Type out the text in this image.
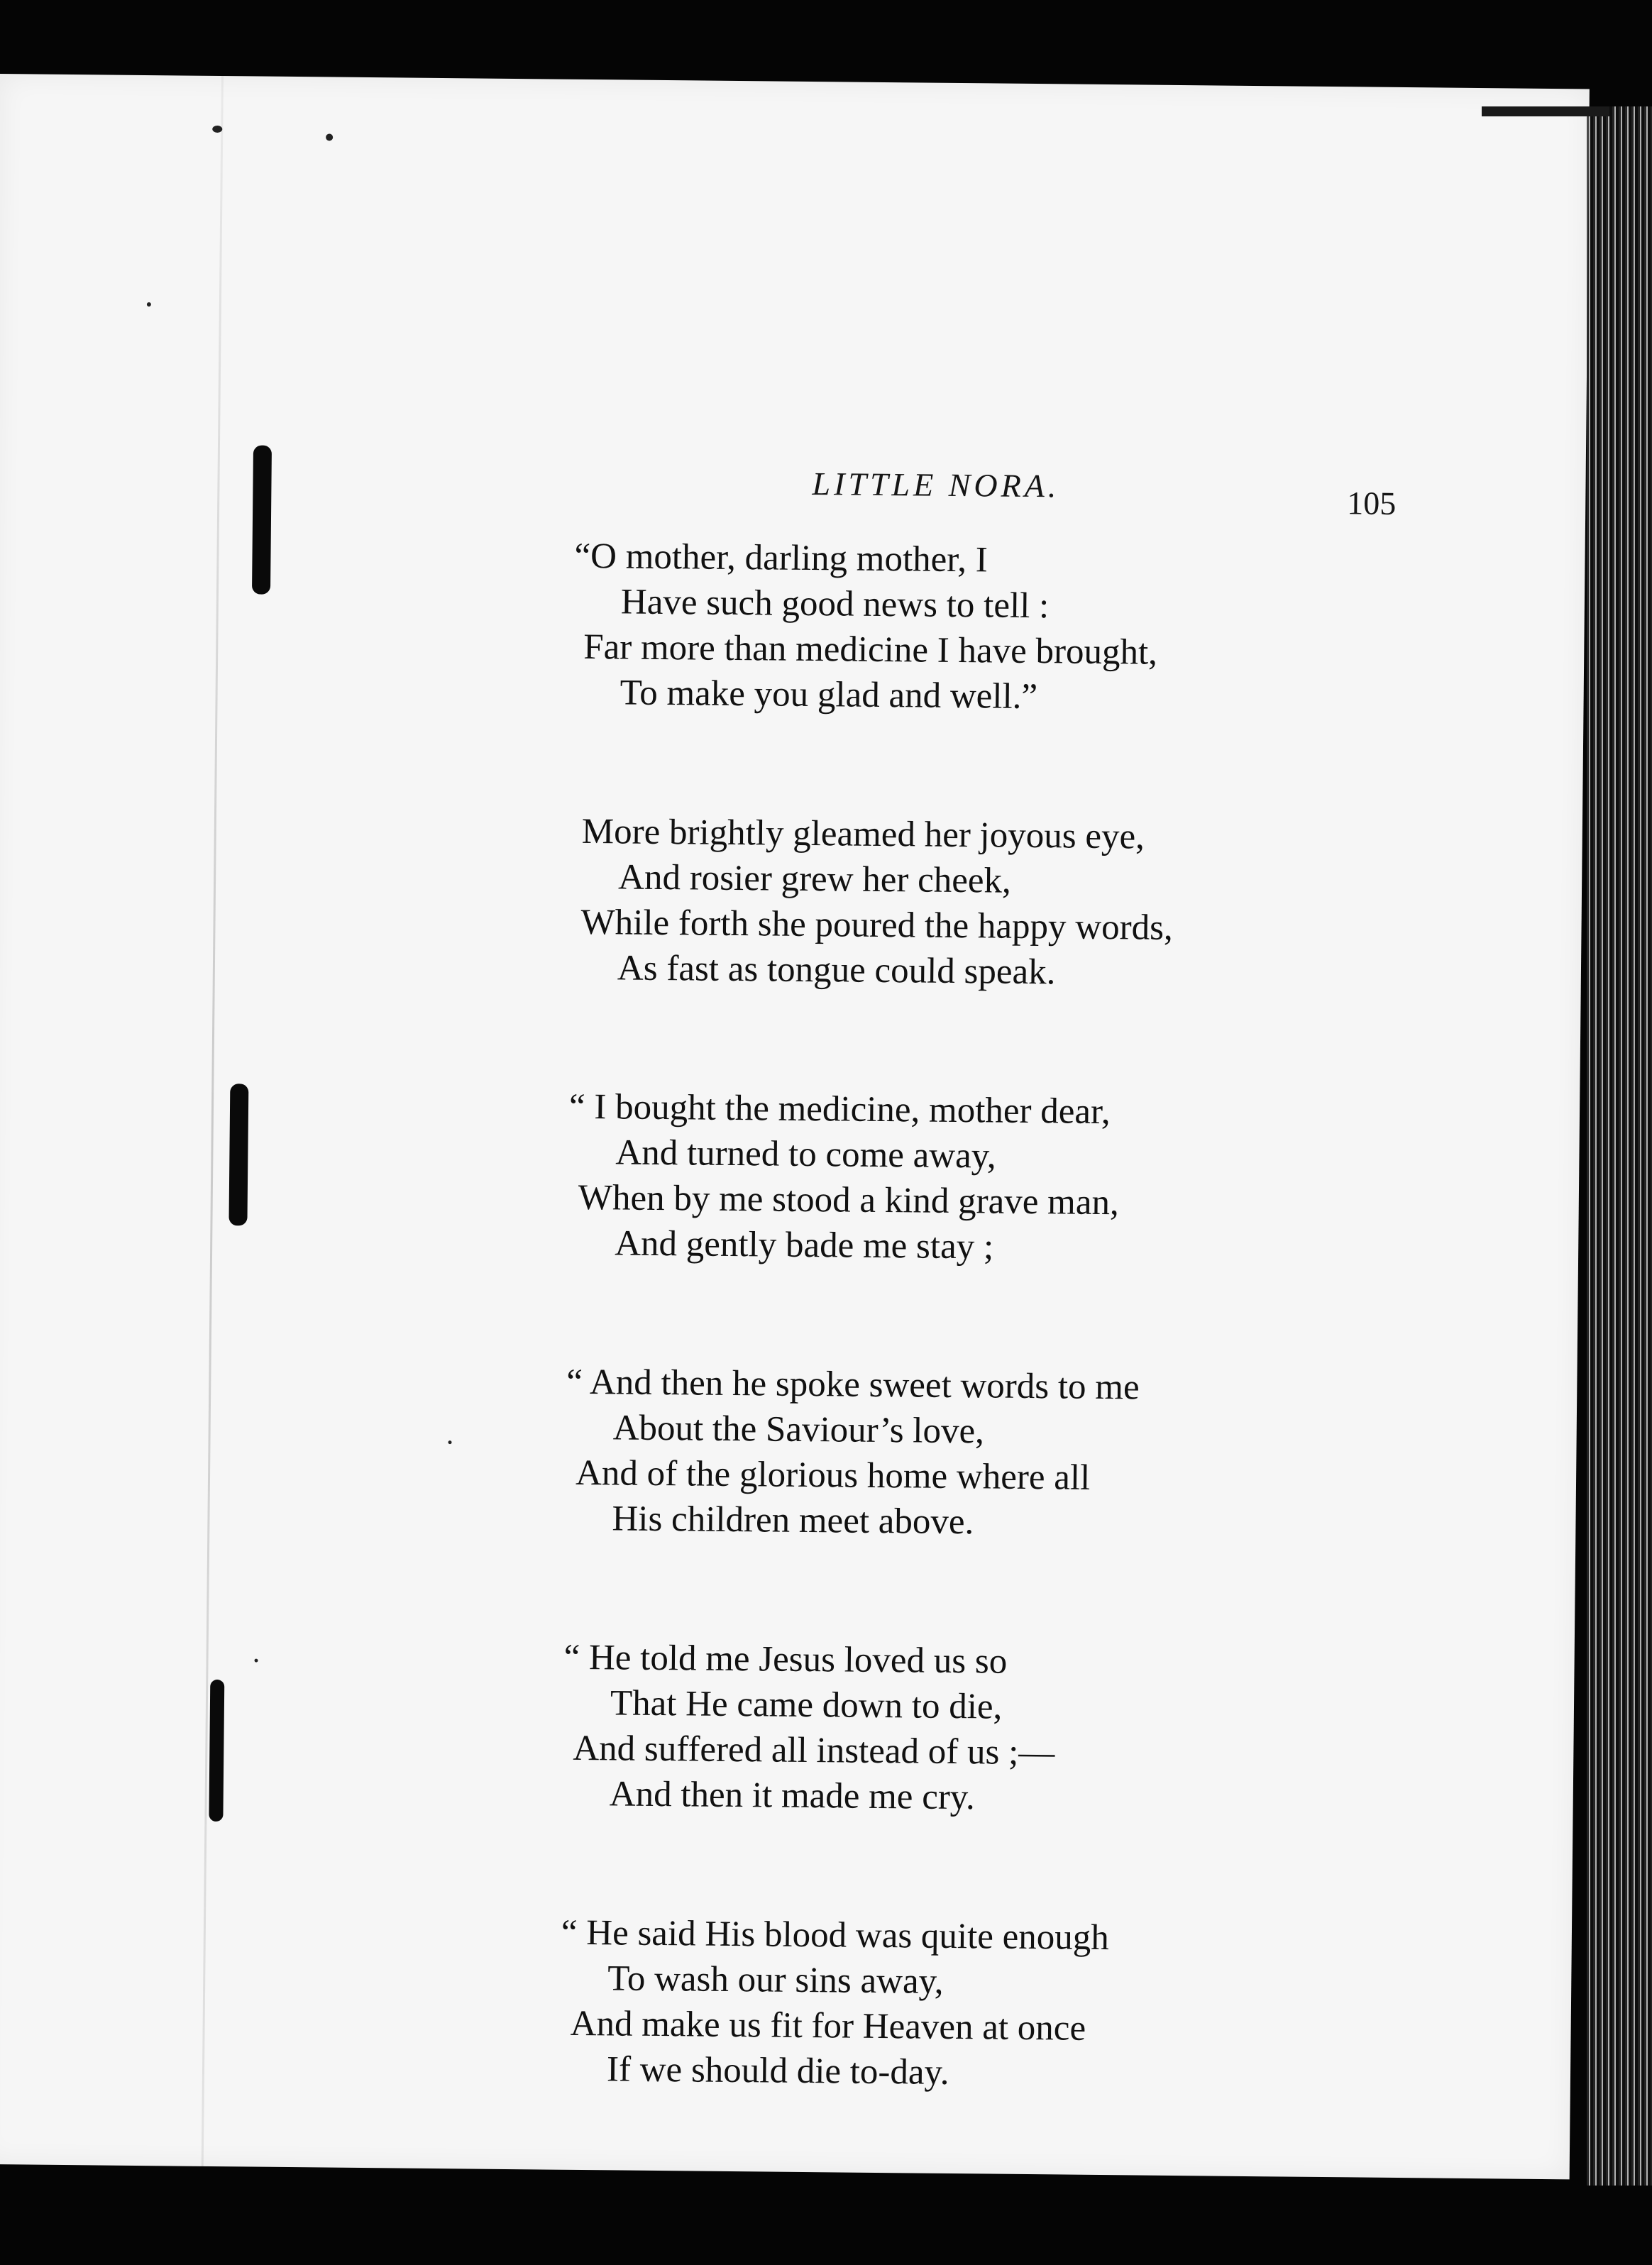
LITTLE NORA.	105
“O mother, darling mother, I
Have such good news to tell :
Far more than medicine I have brought,
To make you glad and well.”
More brightly gleamed her joyous eye,
And rosier grew her cheek,
While forth she poured the happy words,
As fast as tongue could speak.
“ I bought the medicine, mother dear,
And turned to come away,
When by me stood a kind grave man,
And gently bade me stay ;
“ And then he spoke sweet words to me
About the Saviour’s love,
And of the glorious home where all
His children meet above.
“ He told me Jesus loved us so
That He came down to die,
And suffered all instead of us ;—
And then it made me cry.
“ He said His blood was quite enough
To wash our sins away,
And make us fit for Heaven at once
If we should die to-day.
